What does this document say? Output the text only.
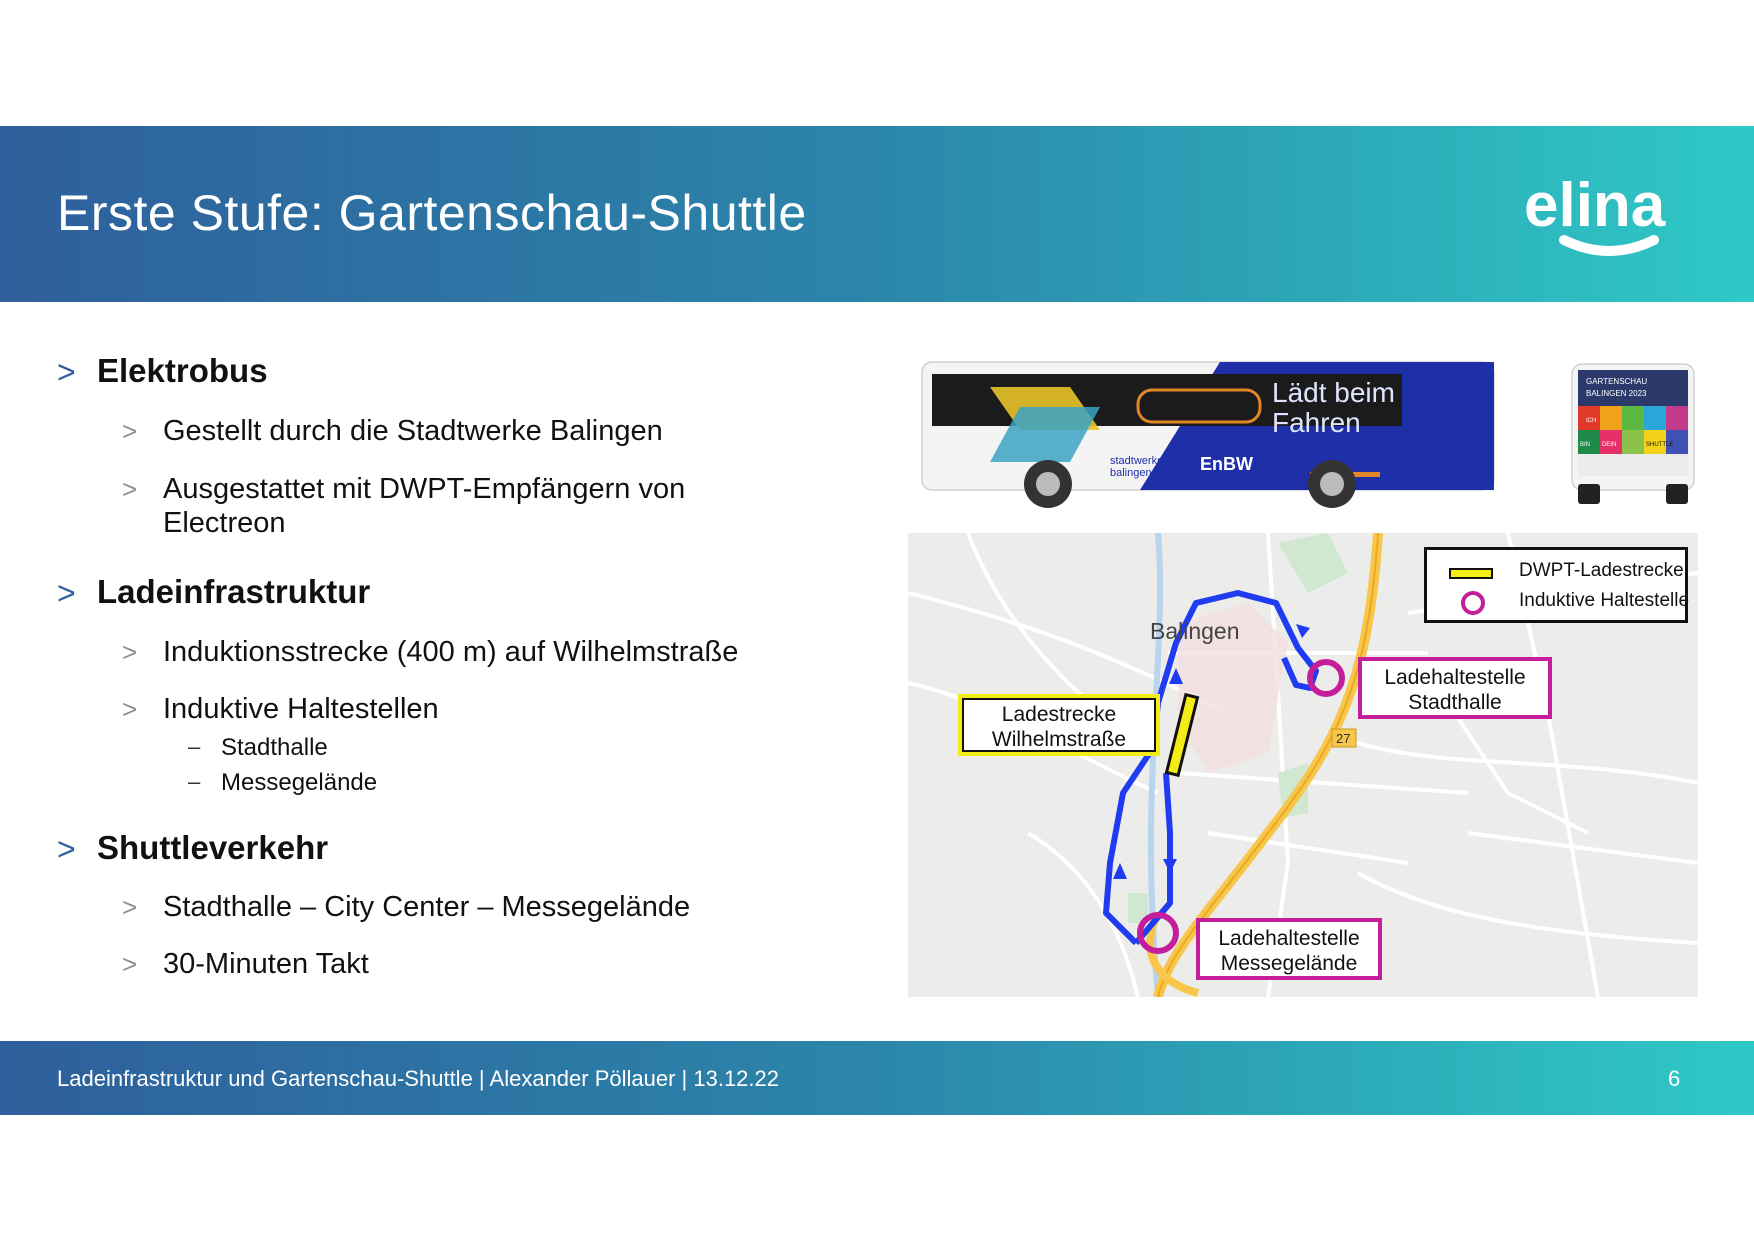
Erste Stufe: Gartenschau-Shuttle	elina
> Elektrobus
> Gestellt durch die Stadtwerke Balingen
> Ausgestattet mit DWPT-Empfängern von Electreon
> Ladeinfrastruktur
> Induktionsstrecke (400 m) auf Wilhelmstraße
> Induktive Haltestellen
– Stadthalle
– Messegelände
> Shuttleverkehr
> Stadthalle – City Center – Messegelände
> 30-Minuten Takt
Lädt beim
Fahren
EnBW
stadtwerke
balingen
GARTENSCHAU
BALINGEN 2023
ICH
DEIN	SHUTTLE
BIN
27
Balingen
DWPT-Ladestrecke
Induktive Haltestelle
Ladestrecke
Wilhelmstraße
Ladehaltestelle
Stadthalle
Ladehaltestelle
Messegelände
Ladeinfrastruktur und Gartenschau-Shuttle | Alexander Pöllauer | 13.12.22	6
